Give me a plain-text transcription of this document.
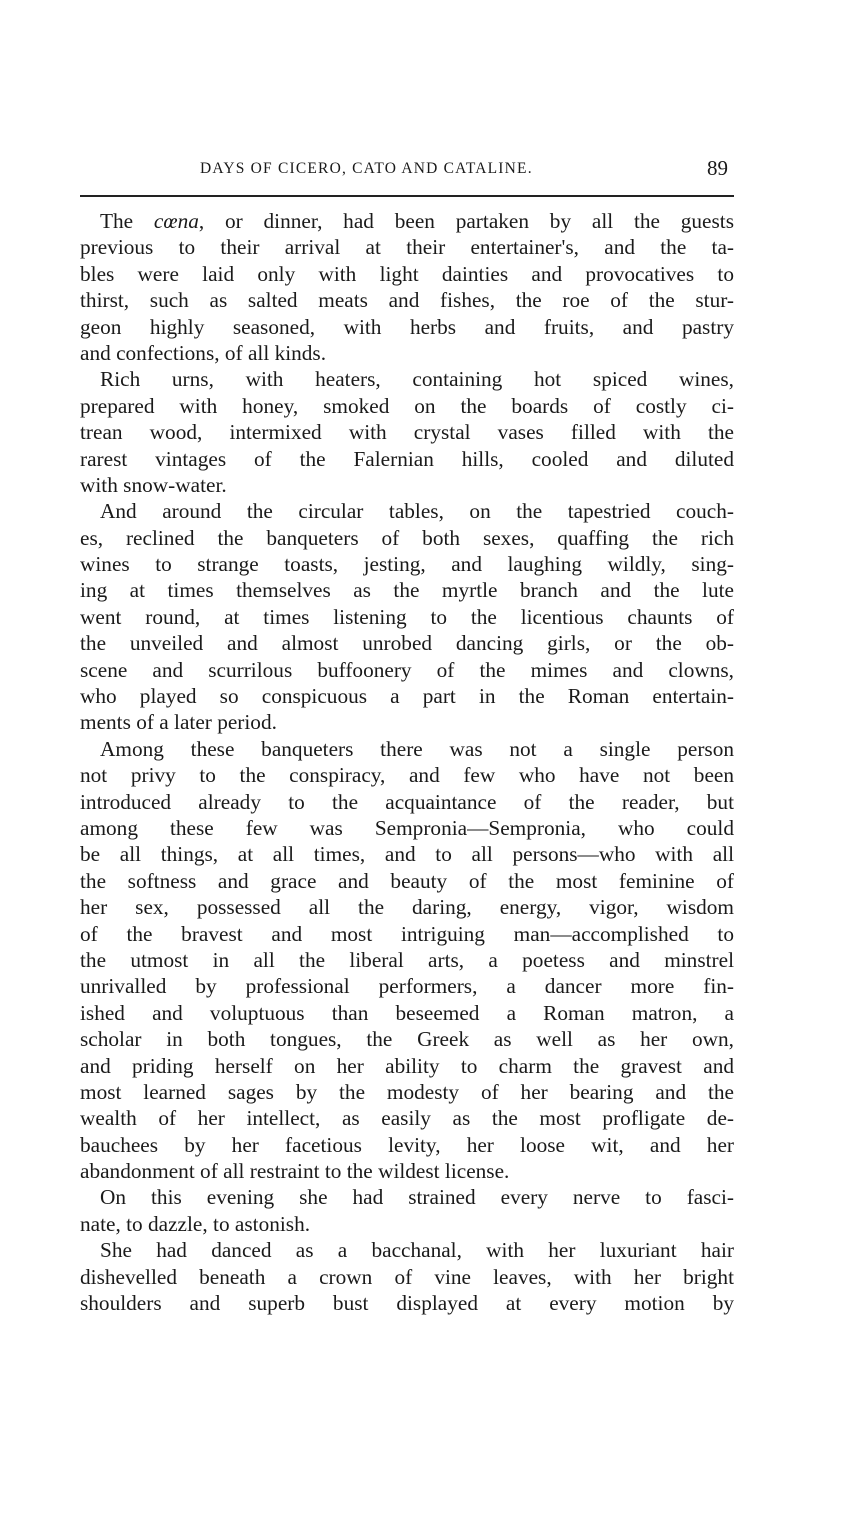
DAYS OF CICERO, CATO AND CATALINE.	89
The cœna, or dinner, had been partaken by all the guests
previous to their arrival at their entertainer's, and the ta-
bles were laid only with light dainties and provocatives to
thirst, such as salted meats and fishes, the roe of the stur-
geon highly seasoned, with herbs and fruits, and pastry
and confections, of all kinds.
Rich urns, with heaters, containing hot spiced wines,
prepared with honey, smoked on the boards of costly ci-
trean wood, intermixed with crystal vases filled with the
rarest vintages of the Falernian hills, cooled and diluted
with snow-water.
And around the circular tables, on the tapestried couch-
es, reclined the banqueters of both sexes, quaffing the rich
wines to strange toasts, jesting, and laughing wildly, sing-
ing at times themselves as the myrtle branch and the lute
went round, at times listening to the licentious chaunts of
the unveiled and almost unrobed dancing girls, or the ob-
scene and scurrilous buffoonery of the mimes and clowns,
who played so conspicuous a part in the Roman entertain-
ments of a later period.
Among these banqueters there was not a single person
not privy to the conspiracy, and few who have not been
introduced already to the acquaintance of the reader, but
among these few was Sempronia—Sempronia, who could
be all things, at all times, and to all persons—who with all
the softness and grace and beauty of the most feminine of
her sex, possessed all the daring, energy, vigor, wisdom
of the bravest and most intriguing man—accomplished to
the utmost in all the liberal arts, a poetess and minstrel
unrivalled by professional performers, a dancer more fin-
ished and voluptuous than beseemed a Roman matron, a
scholar in both tongues, the Greek as well as her own,
and priding herself on her ability to charm the gravest and
most learned sages by the modesty of her bearing and the
wealth of her intellect, as easily as the most profligate de-
bauchees by her facetious levity, her loose wit, and her
abandonment of all restraint to the wildest license.
On this evening she had strained every nerve to fasci-
nate, to dazzle, to astonish.
She had danced as a bacchanal, with her luxuriant hair
dishevelled beneath a crown of vine leaves, with her bright
shoulders and superb bust displayed at every motion by
